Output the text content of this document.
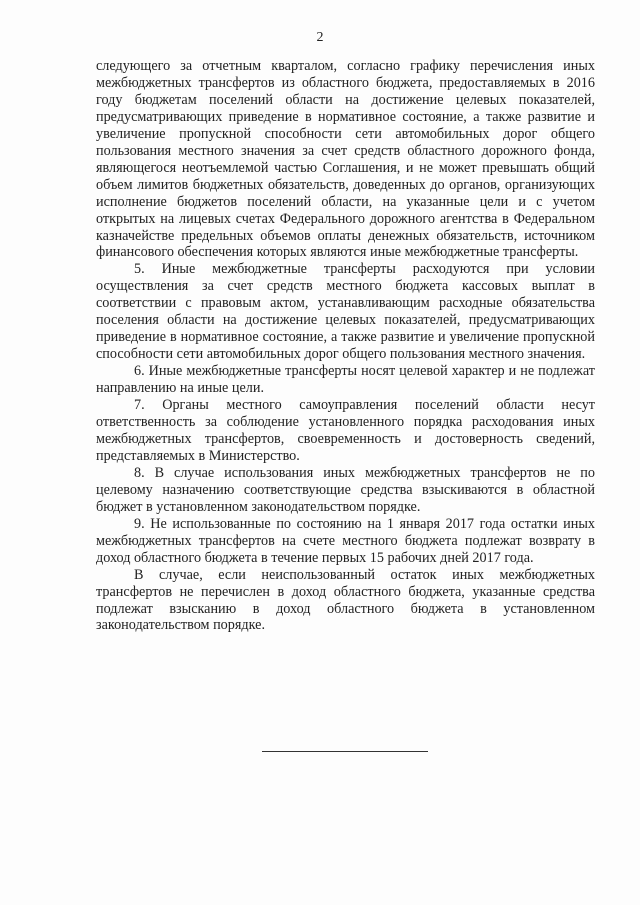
2

следующего за отчетным кварталом, согласно графику перечисления иных межбюджетных трансфертов из областного бюджета, предоставляемых в 2016 году бюджетам поселений области на достижение целевых показателей, предусматривающих приведение в нормативное состояние, а также развитие и увеличение пропускной способности сети автомобильных дорог общего пользования местного значения за счет средств областного дорожного фонда, являющегося неотъемлемой частью Соглашения, и не может превышать общий объем лимитов бюджетных обязательств, доведенных до органов, организующих исполнение бюджетов поселений области, на указанные цели и с учетом открытых на лицевых счетах Федерального дорожного агентства в Федеральном казначействе предельных объемов оплаты денежных обязательств, источником финансового обеспечения которых являются иные межбюджетные трансферты.

5. Иные межбюджетные трансферты расходуются при условии осуществления за счет средств местного бюджета кассовых выплат в соответствии с правовым актом, устанавливающим расходные обязательства поселения области на достижение целевых показателей, предусматривающих приведение в нормативное состояние, а также развитие и увеличение пропускной способности сети автомобильных дорог общего пользования местного значения.

6. Иные межбюджетные трансферты носят целевой характер и не подлежат направлению на иные цели.

7. Органы местного самоуправления поселений области несут ответственность за соблюдение установленного порядка расходования иных межбюджетных трансфертов, своевременность и достоверность сведений, представляемых в Министерство.

8. В случае использования иных межбюджетных трансфертов не по целевому назначению соответствующие средства взыскиваются в областной бюджет в установленном законодательством порядке.

9. Не использованные по состоянию на 1 января 2017 года остатки иных межбюджетных трансфертов на счете местного бюджета подлежат возврату в доход областного бюджета в течение первых 15 рабочих дней 2017 года.

В случае, если неиспользованный остаток иных межбюджетных трансфертов не перечислен в доход областного бюджета, указанные средства подлежат взысканию в доход областного бюджета в установленном законодательством порядке.
